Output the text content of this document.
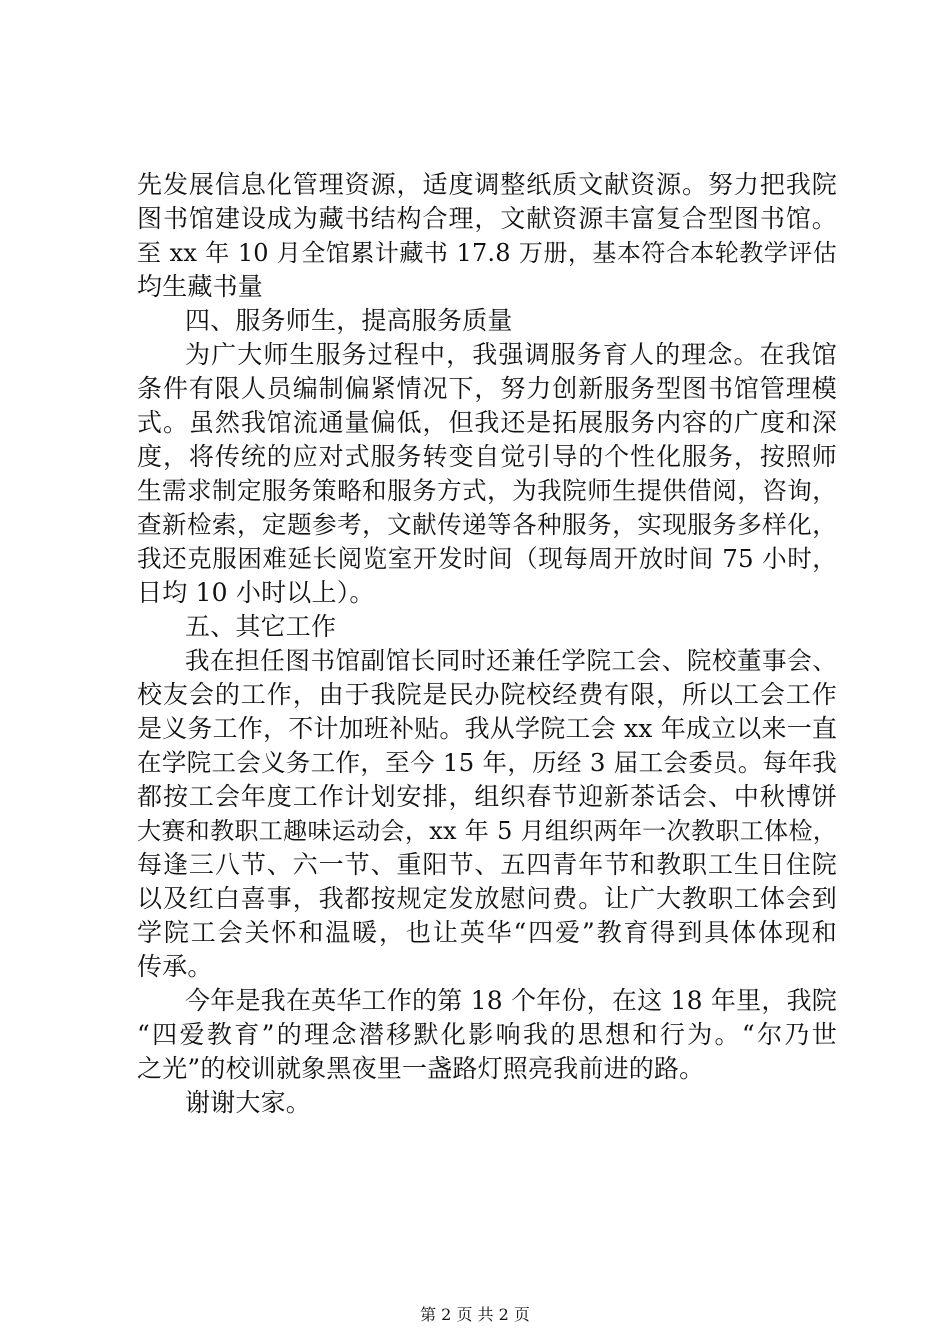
先发展信息化管理资源，适度调整纸质文献资源。努力把我院
图书馆建设成为藏书结构合理，文献资源丰富复合型图书馆。
至 xx 年 10 月全馆累计藏书 17.8 万册，基本符合本轮教学评估
均生藏书量
四、服务师生，提高服务质量
为广大师生服务过程中，我强调服务育人的理念。在我馆
条件有限人员编制偏紧情况下，努力创新服务型图书馆管理模
式。虽然我馆流通量偏低，但我还是拓展服务内容的广度和深
度，将传统的应对式服务转变自觉引导的个性化服务，按照师
生需求制定服务策略和服务方式，为我院师生提供借阅，咨询，
查新检索，定题参考，文献传递等各种服务，实现服务多样化，
我还克服困难延长阅览室开发时间（现每周开放时间 75 小时，
日均 10 小时以上）。
五、其它工作
我在担任图书馆副馆长同时还兼任学院工会、院校董事会、
校友会的工作，由于我院是民办院校经费有限，所以工会工作
是义务工作，不计加班补贴。我从学院工会 xx 年成立以来一直
在学院工会义务工作，至今 15 年，历经 3 届工会委员。每年我
都按工会年度工作计划安排，组织春节迎新茶话会、中秋博饼
大赛和教职工趣味运动会，xx 年 5 月组织两年一次教职工体检，
每逢三八节、六一节、重阳节、五四青年节和教职工生日住院
以及红白喜事，我都按规定发放慰问费。让广大教职工体会到
学院工会关怀和温暖，也让英华“四爱”教育得到具体体现和
传承。
今年是我在英华工作的第 18 个年份，在这 18 年里，我院
“四爱教育”的理念潜移默化影响我的思想和行为。“尔乃世
之光”的校训就象黑夜里一盏路灯照亮我前进的路。
谢谢大家。
第 2 页 共 2 页
